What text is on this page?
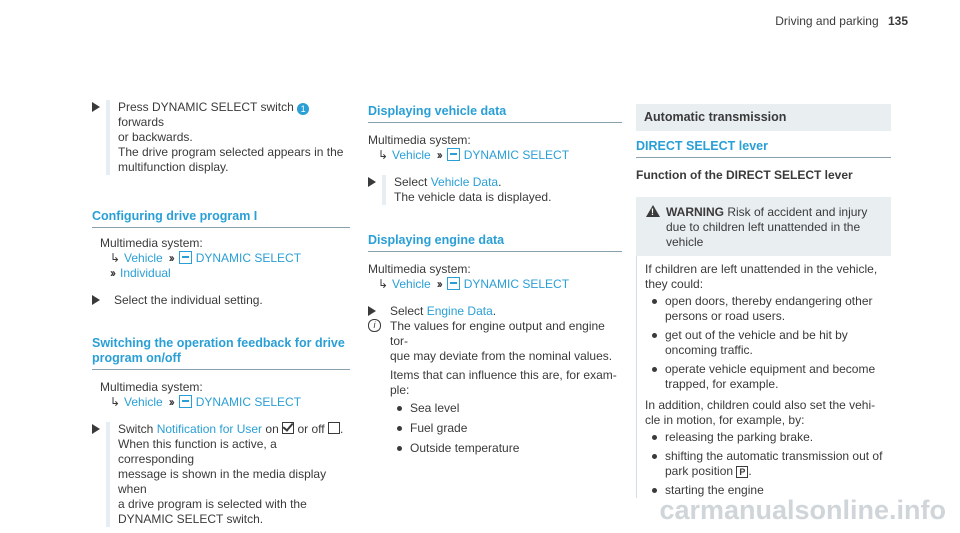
Driving and parking 135
Press DYNAMIC SELECT switch 1 forwards
or backwards.
The drive program selected appears in the
multifunction display.
Configuring drive program I
Multimedia system:
↳ Vehicle ›› DYNAMIC SELECT
›› Individual
Select the individual setting.
Switching the operation feedback for drive
program on/off
Multimedia system:
↳ Vehicle ›› DYNAMIC SELECT
Switch Notification for User on or off .
When this function is active, a corresponding
message is shown in the media display when
a drive program is selected with the
DYNAMIC SELECT switch.
Displaying vehicle data
Multimedia system:
↳ Vehicle ›› DYNAMIC SELECT
Select Vehicle Data.
The vehicle data is displayed.
Displaying engine data
Multimedia system:
↳ Vehicle ›› DYNAMIC SELECT
Select Engine Data.
i	The values for engine output and engine tor-
que may deviate from the nominal values.
Items that can influence this are, for exam-
ple:
Sea level
Fuel grade
Outside temperature
Automatic transmission
DIRECT SELECT lever
Function of the DIRECT SELECT lever
!
WARNING Risk of accident and injury
due to children left unattended in the
vehicle
If children are left unattended in the vehicle,
they could:
open doors, thereby endangering other
persons or road users.
get out of the vehicle and be hit by
oncoming traffic.
operate vehicle equipment and become
trapped, for example.
In addition, children could also set the vehi-
cle in motion, for example, by:
releasing the parking brake.
shifting the automatic transmission out of
park position P .
starting the engine
carmanualsonline.info
